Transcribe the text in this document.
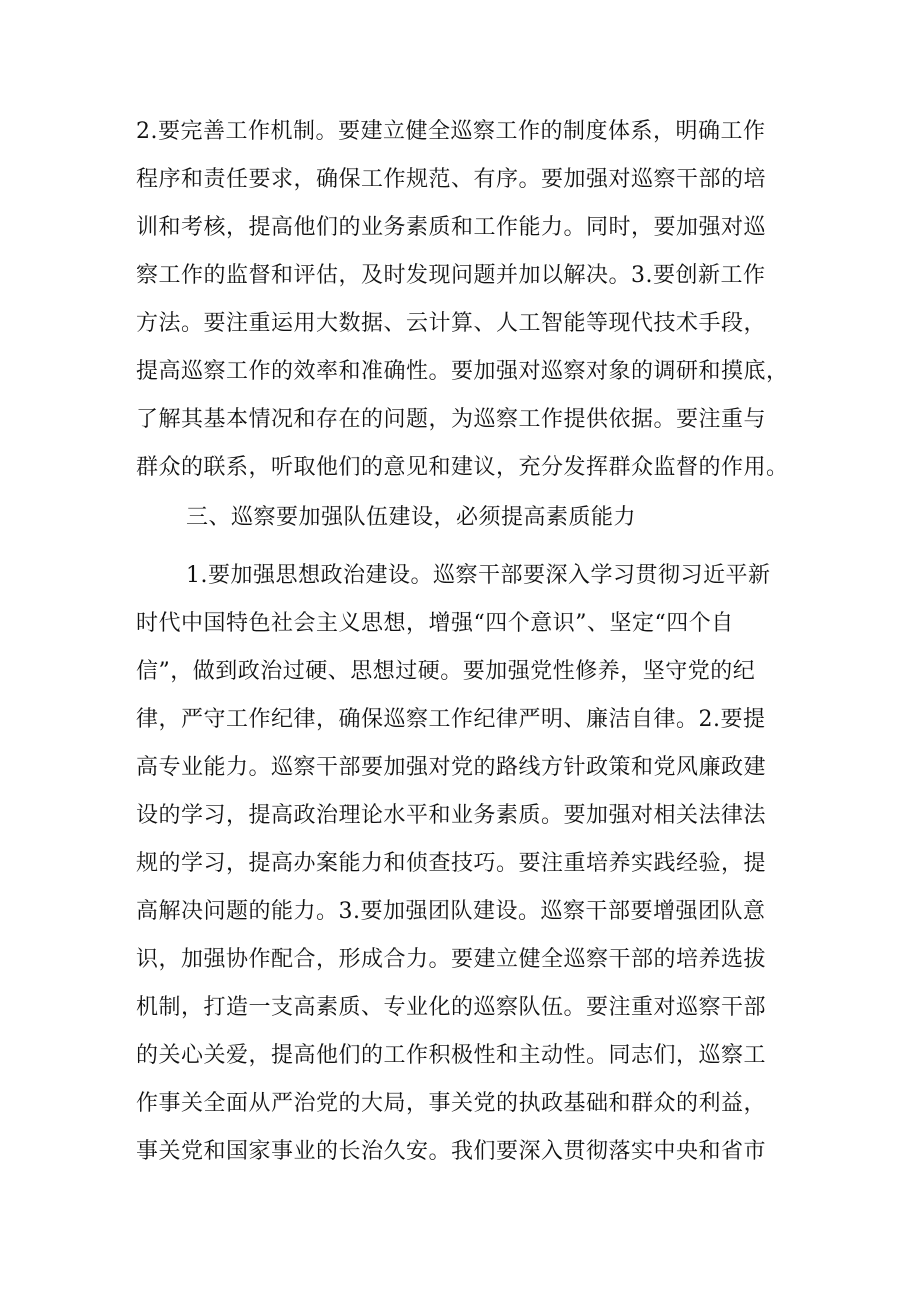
2.要完善工作机制。要建立健全巡察工作的制度体系，明确工作
程序和责任要求，确保工作规范、有序。要加强对巡察干部的培
训和考核，提高他们的业务素质和工作能力。同时，要加强对巡
察工作的监督和评估，及时发现问题并加以解决。3.要创新工作
方法。要注重运用大数据、云计算、人工智能等现代技术手段，
提高巡察工作的效率和准确性。要加强对巡察对象的调研和摸底，
了解其基本情况和存在的问题，为巡察工作提供依据。要注重与
群众的联系，听取他们的意见和建议，充分发挥群众监督的作用。
三、巡察要加强队伍建设，必须提高素质能力
1.要加强思想政治建设。巡察干部要深入学习贯彻习近平新
时代中国特色社会主义思想，增强“四个意识”、坚定“四个自
信”，做到政治过硬、思想过硬。要加强党性修养，坚守党的纪
律，严守工作纪律，确保巡察工作纪律严明、廉洁自律。2.要提
高专业能力。巡察干部要加强对党的路线方针政策和党风廉政建
设的学习，提高政治理论水平和业务素质。要加强对相关法律法
规的学习，提高办案能力和侦查技巧。要注重培养实践经验，提
高解决问题的能力。3.要加强团队建设。巡察干部要增强团队意
识，加强协作配合，形成合力。要建立健全巡察干部的培养选拔
机制，打造一支高素质、专业化的巡察队伍。要注重对巡察干部
的关心关爱，提高他们的工作积极性和主动性。同志们，巡察工
作事关全面从严治党的大局，事关党的执政基础和群众的利益，
事关党和国家事业的长治久安。我们要深入贯彻落实中央和省市
